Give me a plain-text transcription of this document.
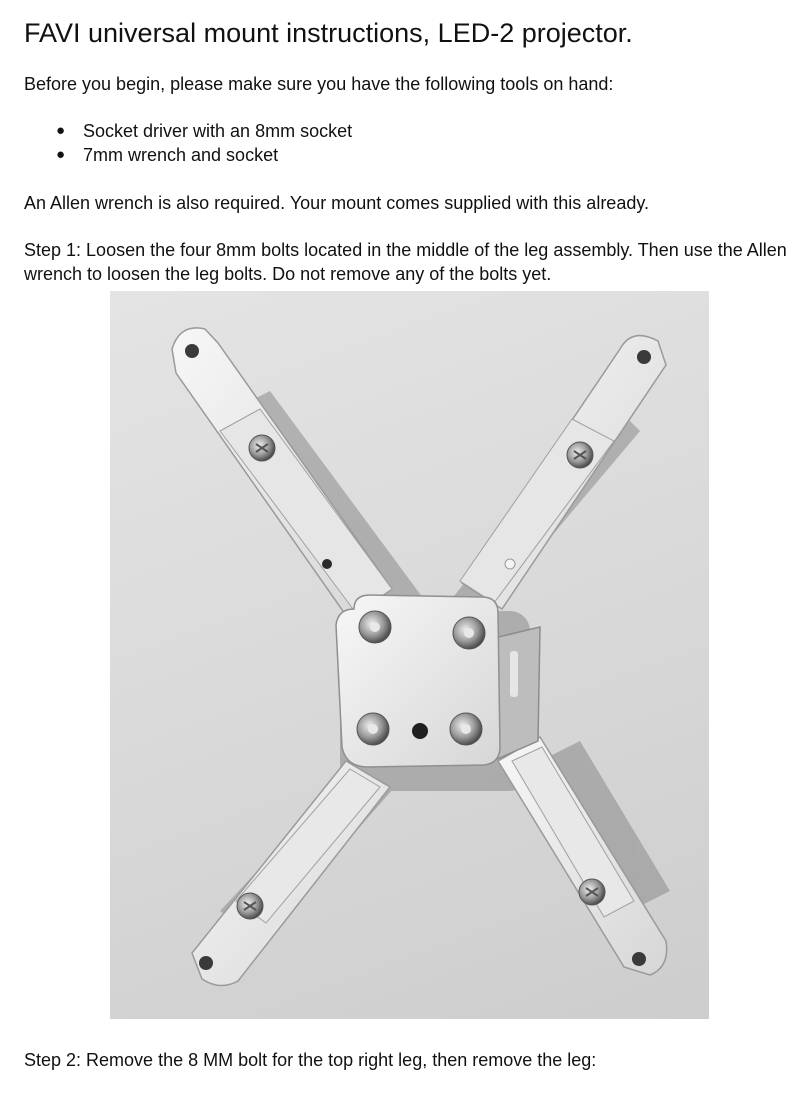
FAVI universal mount instructions, LED-2 projector.

Before you begin, please make sure you have the following tools on hand:

● Socket driver with an 8mm socket
● 7mm wrench and socket

An Allen wrench is also required. Your mount comes supplied with this already.

Step 1: Loosen the four 8mm bolts located in the middle of the leg assembly. Then use the Allen wrench to loosen the leg bolts. Do not remove any of the bolts yet.

Step 2: Remove the 8 MM bolt for the top right leg, then remove the leg:
